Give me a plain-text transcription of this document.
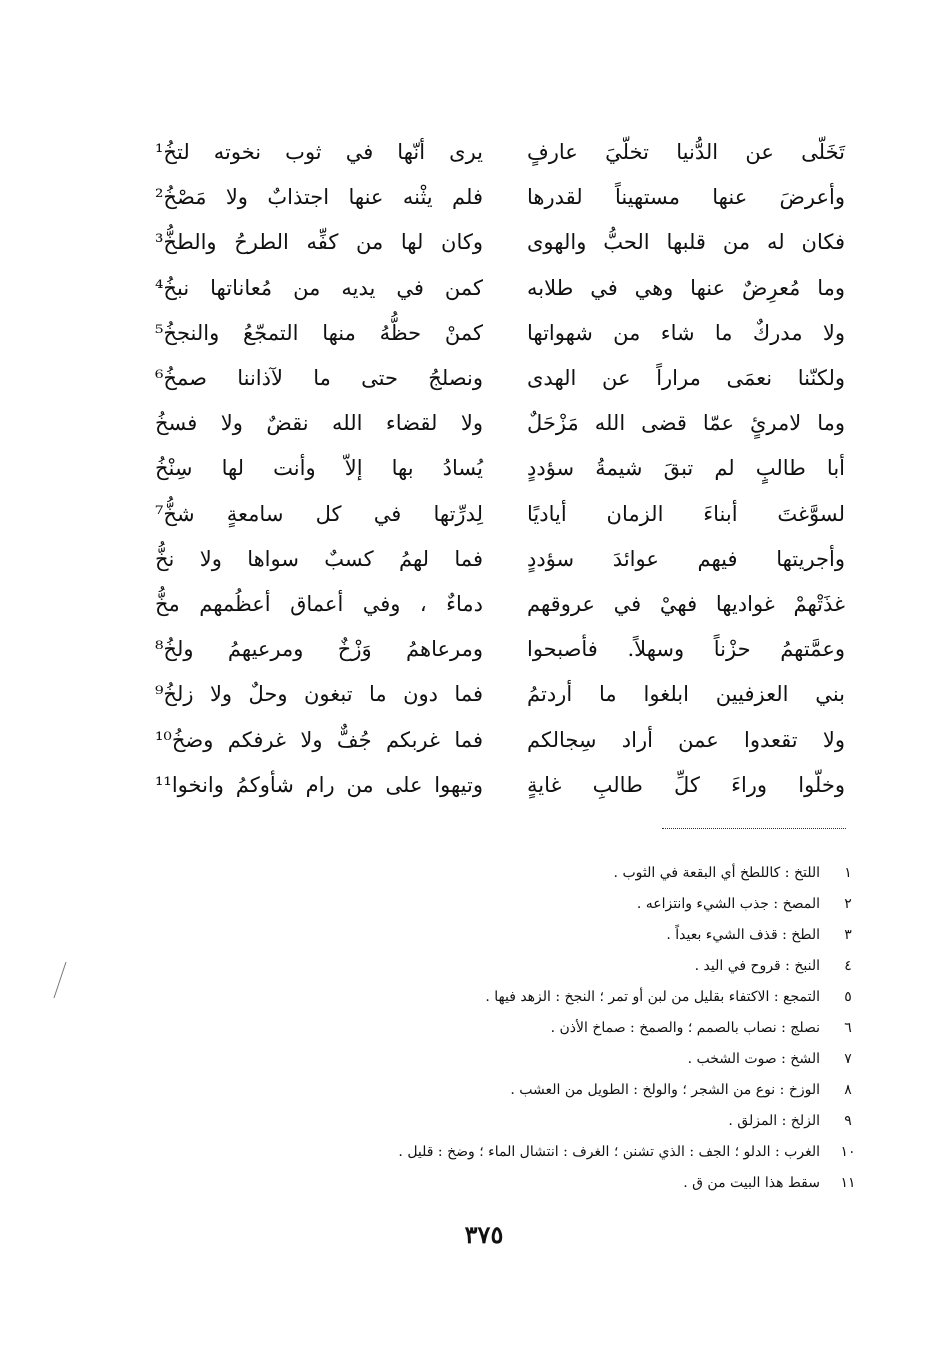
تَخَلّى عن الدُّنيا تخلّيَ عارفٍ
يرى أنّها في ثوب نخوته لتخُ¹
وأعرضَ عنها مستهيناً لقدرها
فلم يثْنه عنها اجتذابٌ ولا مَصْخُ²
فكان له من قلبها الحبُّ والهوى
وكان لها من كفِّه الطرحُ والطخُّ³
وما مُعرِضٌ عنها وهي في طلابه
كمن في يديه من مُعاناتها نبخُ⁴
ولا مدركٌ ما شاء من شهواتها
كمنْ حظُّهُ منها التمجّعُ والنجخُ⁵
ولكنّنا نعمَى مراراً عن الهدى
ونصلجُ حتى ما لآذاننا صمخُ⁶
وما لامرئٍ عمّا قضى الله مَزْحَلٌ
ولا لقضاء الله نقضٌ ولا فسخُ
أبا طالبٍ لم تبقَ شيمةُ سؤددٍ
يُسادُ بها إلاّ وأنت لها سِنْخُ
لسوَّغتَ أبناءَ الزمان أياديًا
لِدرِّتها في كل سامعةٍ شخُّ⁷
وأجريتها فيهم عوائدَ سؤددٍ
فما لهمُ كسبٌ سواها ولا نخُّ
غذَتْهمْ غواديها فهيْ في عروقهم
دماءٌ ، وفي أعماق أعظُمهم مخُّ
وعمَّتهمُ حزْناً وسهلاً. فأصبحوا
ومرعاهمُ وَزْخٌ ومرعيهمُ ولخُ⁸
بني العزفيين ابلغوا ما أردتمُ
فما دون ما تبغون وحلٌ ولا زلخُ⁹
ولا تقعدوا عمن أراد سِجالكم
فما غربكم جُفٌّ ولا غرفكم وضخُ¹⁰
وخلّوا وراءَ كلِّ طالبِ غايةٍ
وتيهوا على من رام شأوكمُ وانخوا¹¹
١
اللتخ : كاللطخ أي البقعة في الثوب .
٢
المصخ : جذب الشيء وانتزاعه .
٣
الطخ : قذف الشيء بعيداً .
٤
النبخ : قروح في اليد .
٥
التمجع : الاكتفاء بقليل من لبن أو تمر ؛ النجخ : الزهد فيها .
٦
نصلج : نصاب بالصمم ؛ والصمخ : صماخ الأذن .
٧
الشخ : صوت الشخب .
٨
الوزخ : نوع من الشجر ؛ والولخ : الطويل من العشب .
٩
الزلخ : المزلق .
١٠
الغرب : الدلو ؛ الجف : الذي تشنن ؛ الغرف : انتشال الماء ؛ وضخ : قليل .
١١
سقط هذا البيت من ق .
٣٧٥
